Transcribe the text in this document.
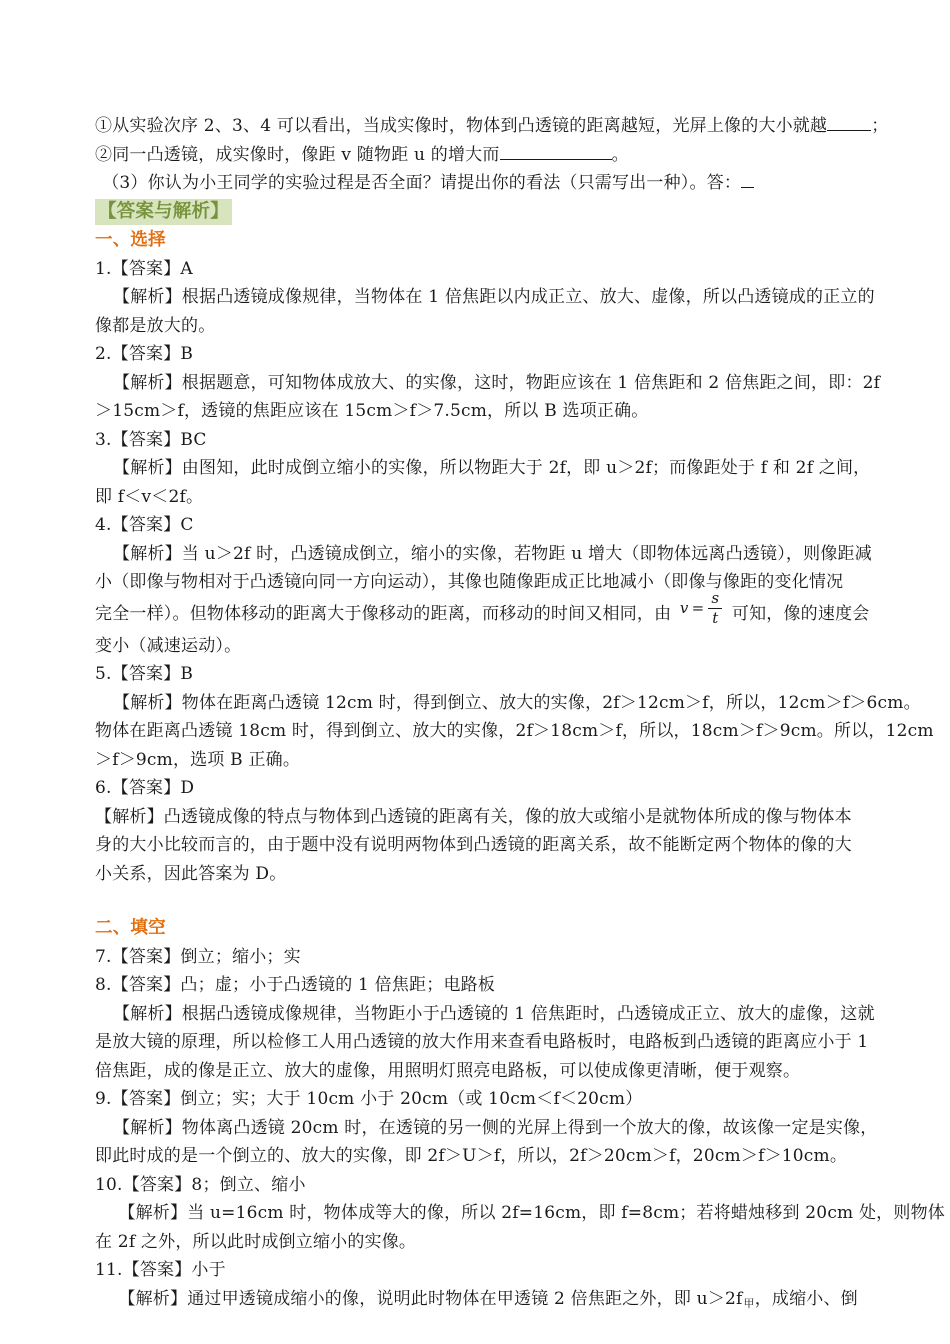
①从实验次序 2、3、4 可以看出，当成实像时，物体到凸透镜的距离越短，光屏上像的大小就越	；
②同一凸透镜，成实像时，像距 v 随物距 u 的增大而	。
（3）你认为小王同学的实验过程是否全面？请提出你的看法（只需写出一种）。答：
【答案与解析】
一、选择
1.【答案】A
【解析】根据凸透镜成像规律，当物体在 1 倍焦距以内成正立、放大、虚像，所以凸透镜成的正立的
像都是放大的。
2.【答案】B
【解析】根据题意，可知物体成放大、的实像，这时，物距应该在 1 倍焦距和 2 倍焦距之间，即：2f
＞15cm＞f，透镜的焦距应该在 15cm＞f＞7.5cm，所以 B 选项正确。
3.【答案】BC
【解析】由图知，此时成倒立缩小的实像，所以物距大于 2f，即 u＞2f；而像距处于 f 和 2f 之间，
即 f＜v＜2f。
4.【答案】C
【解析】当 u＞2f 时，凸透镜成倒立，缩小的实像，若物距 u 增大（即物体远离凸透镜），则像距减
小（即像与物相对于凸透镜向同一方向运动），其像也随像距成正比地减小（即像与像距的变化情况
完全一样）。但物体移动的距离大于像移动的距离，而移动的时间又相同，由 $v = \frac{s}{t}$ 可知，像的速度会
变小（减速运动）。
5.【答案】B
【解析】物体在距离凸透镜 12cm 时，得到倒立、放大的实像，2f＞12cm＞f，所以，12cm＞f＞6cm。
物体在距离凸透镜 18cm 时，得到倒立、放大的实像，2f＞18cm＞f，所以，18cm＞f＞9cm。所以，12cm
＞f＞9cm，选项 B 正确。
6.【答案】D
【解析】凸透镜成像的特点与物体到凸透镜的距离有关，像的放大或缩小是就物体所成的像与物体本
身的大小比较而言的，由于题中没有说明两物体到凸透镜的距离关系，故不能断定两个物体的像的大
小关系，因此答案为 D。
二、填空
7.【答案】倒立；缩小；实
8.【答案】凸；虚；小于凸透镜的 1 倍焦距；电路板
【解析】根据凸透镜成像规律，当物距小于凸透镜的 1 倍焦距时，凸透镜成正立、放大的虚像，这就
是放大镜的原理，所以检修工人用凸透镜的放大作用来查看电路板时，电路板到凸透镜的距离应小于 1
倍焦距，成的像是正立、放大的虚像，用照明灯照亮电路板，可以使成像更清晰，便于观察。
9.【答案】倒立；实；大于 10cm 小于 20cm（或 10cm＜f＜20cm）
【解析】物体离凸透镜 20cm 时，在透镜的另一侧的光屏上得到一个放大的像，故该像一定是实像，
即此时成的是一个倒立的、放大的实像，即 2f＞U＞f，所以，2f＞20cm＞f，20cm＞f＞10cm。
10.【答案】8；倒立、缩小
【解析】当 u=16cm 时，物体成等大的像，所以 2f=16cm，即 f=8cm；若将蜡烛移到 20cm 处，则物体
在 2f 之外，所以此时成倒立缩小的实像。
11.【答案】小于
【解析】通过甲透镜成缩小的像，说明此时物体在甲透镜 2 倍焦距之外，即 $u>2f_甲$，成缩小、倒
